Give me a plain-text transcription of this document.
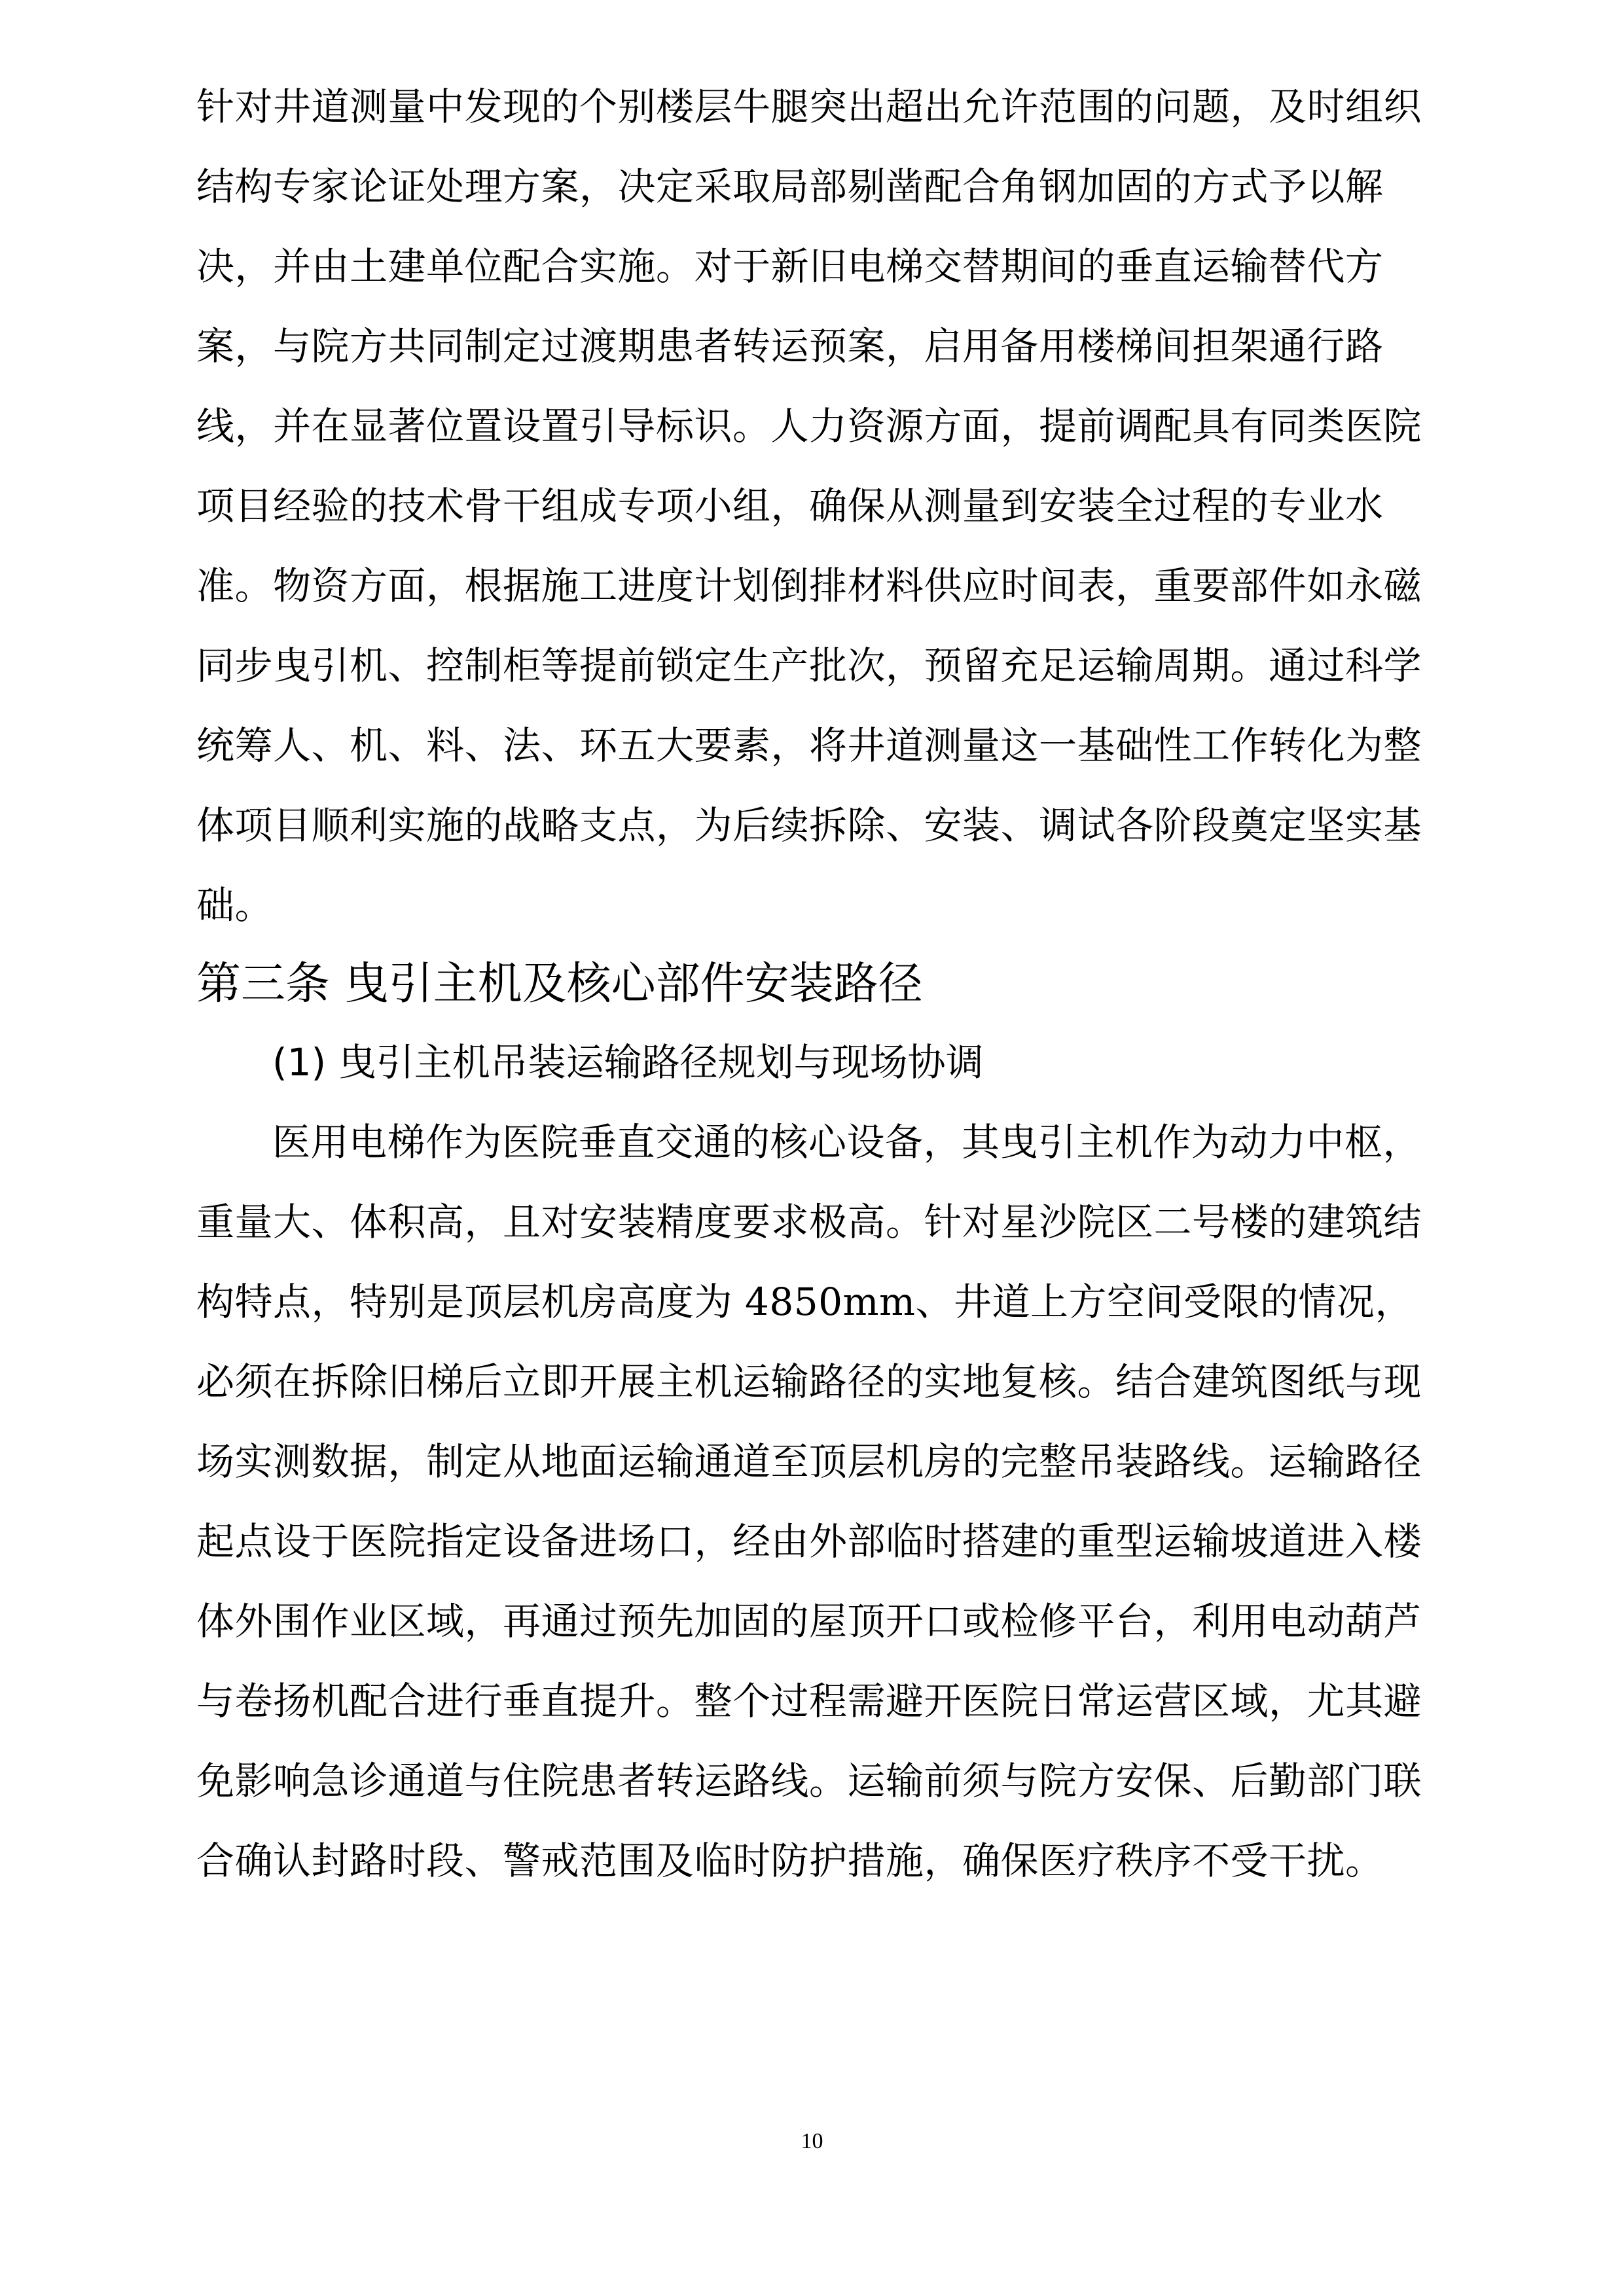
针对井道测量中发现的个别楼层牛腿突出超出允许范围的问题，及时组织
结构专家论证处理方案，决定采取局部剔凿配合角钢加固的方式予以解
决，并由土建单位配合实施。对于新旧电梯交替期间的垂直运输替代方
案，与院方共同制定过渡期患者转运预案，启用备用楼梯间担架通行路
线，并在显著位置设置引导标识。人力资源方面，提前调配具有同类医院
项目经验的技术骨干组成专项小组，确保从测量到安装全过程的专业水
准。物资方面，根据施工进度计划倒排材料供应时间表，重要部件如永磁
同步曳引机、控制柜等提前锁定生产批次，预留充足运输周期。通过科学
统筹人、机、料、法、环五大要素，将井道测量这一基础性工作转化为整
体项目顺利实施的战略支点，为后续拆除、安装、调试各阶段奠定坚实基
础。
第三条 曳引主机及核心部件安装路径
(1) 曳引主机吊装运输路径规划与现场协调
医用电梯作为医院垂直交通的核心设备，其曳引主机作为动力中枢，
重量大、体积高，且对安装精度要求极高。针对星沙院区二号楼的建筑结
构特点，特别是顶层机房高度为 4850mm、井道上方空间受限的情况，
必须在拆除旧梯后立即开展主机运输路径的实地复核。结合建筑图纸与现
场实测数据，制定从地面运输通道至顶层机房的完整吊装路线。运输路径
起点设于医院指定设备进场口，经由外部临时搭建的重型运输坡道进入楼
体外围作业区域，再通过预先加固的屋顶开口或检修平台，利用电动葫芦
与卷扬机配合进行垂直提升。整个过程需避开医院日常运营区域，尤其避
免影响急诊通道与住院患者转运路线。运输前须与院方安保、后勤部门联
合确认封路时段、警戒范围及临时防护措施，确保医疗秩序不受干扰。
10
